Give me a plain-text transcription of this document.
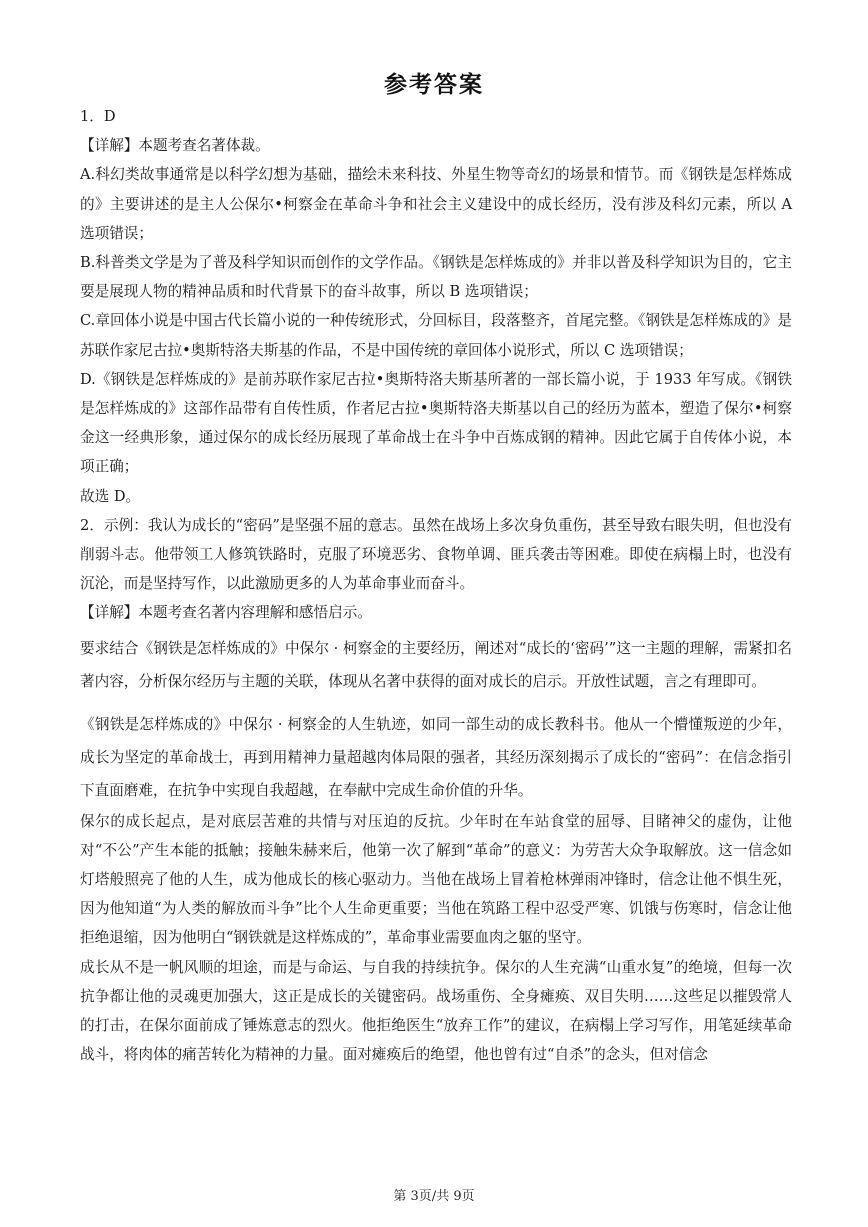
参考答案

1．D

【详解】本题考查名著体裁。

A.科幻类故事通常是以科学幻想为基础，描绘未来科技、外星生物等奇幻的场景和情节。而《钢铁是怎样炼成的》主要讲述的是主人公保尔•柯察金在革命斗争和社会主义建设中的成长经历，没有涉及科幻元素，所以 A 选项错误；

B.科普类文学是为了普及科学知识而创作的文学作品。《钢铁是怎样炼成的》并非以普及科学知识为目的，它主要是展现人物的精神品质和时代背景下的奋斗故事，所以 B 选项错误；

C.章回体小说是中国古代长篇小说的一种传统形式，分回标目，段落整齐，首尾完整。《钢铁是怎样炼成的》是苏联作家尼古拉•奥斯特洛夫斯基的作品，不是中国传统的章回体小说形式，所以 C 选项错误；

D.《钢铁是怎样炼成的》是前苏联作家尼古拉•奥斯特洛夫斯基所著的一部长篇小说，于 1933 年写成。《钢铁是怎样炼成的》这部作品带有自传性质，作者尼古拉•奥斯特洛夫斯基以自己的经历为蓝本，塑造了保尔•柯察金这一经典形象，通过保尔的成长经历展现了革命战士在斗争中百炼成钢的精神。因此它属于自传体小说，本项正确；

故选 D。

2．示例：我认为成长的“密码”是坚强不屈的意志。虽然在战场上多次身负重伤，甚至导致右眼失明，但也没有削弱斗志。他带领工人修筑铁路时，克服了环境恶劣、食物单调、匪兵袭击等困难。即使在病榻上时，也没有沉沦，而是坚持写作，以此激励更多的人为革命事业而奋斗。

【详解】本题考查名著内容理解和感悟启示。

要求结合《钢铁是怎样炼成的》中保尔 · 柯察金的主要经历，阐述对“成长的‘密码’”这一主题的理解，需紧扣名著内容，分析保尔经历与主题的关联，体现从名著中获得的面对成长的启示。开放性试题，言之有理即可。

《钢铁是怎样炼成的》中保尔 · 柯察金的人生轨迹，如同一部生动的成长教科书。他从一个懵懂叛逆的少年，成长为坚定的革命战士，再到用精神力量超越肉体局限的强者，其经历深刻揭示了成长的“密码”：在信念指引下直面磨难，在抗争中实现自我超越，在奉献中完成生命价值的升华。

保尔的成长起点，是对底层苦难的共情与对压迫的反抗。少年时在车站食堂的屈辱、目睹神父的虚伪，让他对“不公”产生本能的抵触；接触朱赫来后，他第一次了解到“革命”的意义：为劳苦大众争取解放。这一信念如灯塔般照亮了他的人生，成为他成长的核心驱动力。当他在战场上冒着枪林弹雨冲锋时，信念让他不惧生死，因为他知道“为人类的解放而斗争”比个人生命更重要；当他在筑路工程中忍受严寒、饥饿与伤寒时，信念让他拒绝退缩，因为他明白“钢铁就是这样炼成的”，革命事业需要血肉之躯的坚守。

成长从不是一帆风顺的坦途，而是与命运、与自我的持续抗争。保尔的人生充满“山重水复”的绝境，但每一次抗争都让他的灵魂更加强大，这正是成长的关键密码。战场重伤、全身瘫痪、双目失明……这些足以摧毁常人的打击，在保尔面前成了锤炼意志的烈火。他拒绝医生“放弃工作”的建议，在病榻上学习写作，用笔延续革命战斗，将肉体的痛苦转化为精神的力量。面对瘫痪后的绝望，他也曾有过“自杀”的念头，但对信念

第 3页/共 9页
